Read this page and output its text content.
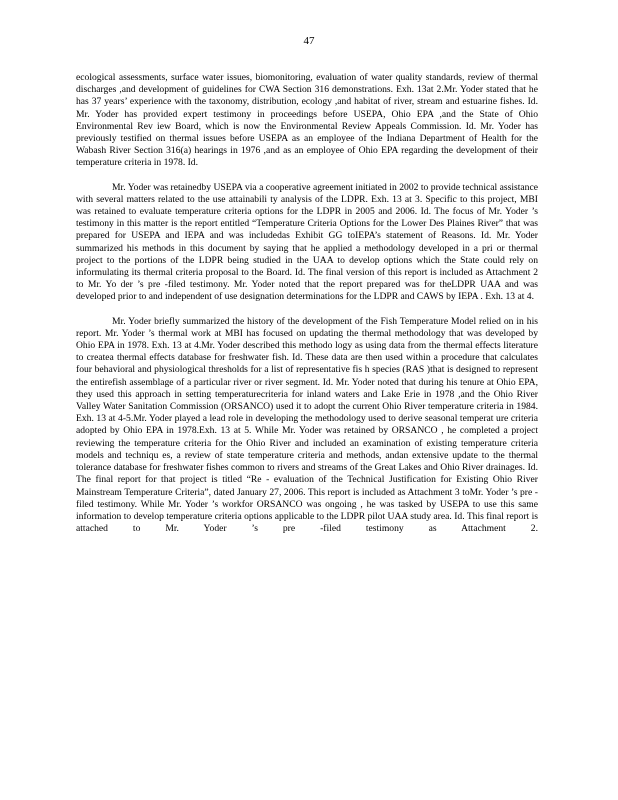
47

ecological assessments, surface water issues, biomonitoring, evaluation of water quality standards, review of thermal discharges ,and development of guidelines for CWA Section 316 demonstrations. Exh. 13at 2.Mr. Yoder stated that he has 37 years’ experience with the taxonomy, distribution, ecology ,and habitat of river, stream and estuarine fishes. Id. Mr. Yoder has provided expert testimony in proceedings before USEPA, Ohio EPA ,and the State of Ohio Environmental Rev iew Board, which is now the Environmental Review Appeals Commission. Id. Mr. Yoder has previously testified on thermal issues before USEPA as an employee of the Indiana Department of Health for the Wabash River Section 316(a) hearings in 1976 ,and as an employee of Ohio EPA regarding the development of their temperature criteria in 1978. Id.

Mr. Yoder was retainedby USEPA via a cooperative agreement initiated in 2002 to provide technical assistance with several matters related to the use attainabili ty analysis of the LDPR. Exh. 13 at 3. Specific to this project, MBI was retained to evaluate temperature criteria options for the LDPR in 2005 and 2006. Id. The focus of Mr. Yoder ’s testimony in this matter is the report entitled “Temperature Criteria Options for the Lower Des Plaines River” that was prepared for USEPA and IEPA and was includedas Exhibit GG toIEPA’s statement of Reasons. Id. Mr. Yoder summarized his methods in this document by saying that he applied a methodology developed in a pri or thermal project to the portions of the LDPR being studied in the UAA to develop options which the State could rely on informulating its thermal criteria proposal to the Board. Id. The final version of this report is included as Attachment 2 to Mr. Yo der ’s pre -filed testimony. Mr. Yoder noted that the report prepared was for theLDPR UAA and was developed prior to and independent of use designation determinations for the LDPR and CAWS by IEPA . Exh. 13 at 4.

Mr. Yoder briefly summarized the history of the development of the Fish Temperature Model relied on in his report. Mr. Yoder ’s thermal work at MBI has focused on updating the thermal methodology that was developed by Ohio EPA in 1978. Exh. 13 at 4.Mr. Yoder described this methodo logy as using data from the thermal effects literature to createa thermal effects database for freshwater fish. Id. These data are then used within a procedure that calculates four behavioral and physiological thresholds for a list of representative fis h species (RAS )that is designed to represent the entirefish assemblage of a particular river or river segment. Id. Mr. Yoder noted that during his tenure at Ohio EPA, they used this approach in setting temperaturecriteria for inland waters and Lake Erie in 1978 ,and the Ohio River Valley Water Sanitation Commission (ORSANCO) used it to adopt the current Ohio River temperature criteria in 1984. Exh. 13 at 4-5.Mr. Yoder played a lead role in developing the methodology used to derive seasonal temperat ure criteria adopted by Ohio EPA in 1978.Exh. 13 at 5. While Mr. Yoder was retained by ORSANCO , he completed a project reviewing the temperature criteria for the Ohio River and included an examination of existing temperature criteria models and techniqu es, a review of state temperature criteria and methods, andan extensive update to the thermal tolerance database for freshwater fishes common to rivers and streams of the Great Lakes and Ohio River drainages. Id. The final report for that project is titled “Re - evaluation of the Technical Justification for Existing Ohio River Mainstream Temperature Criteria”, dated January 27, 2006. This report is included as Attachment 3 toMr. Yoder ’s pre -filed testimony. While Mr. Yoder ’s workfor ORSANCO was ongoing , he was tasked by USEPA to use this same information to develop temperature criteria options applicable to the LDPR pilot UAA study area. Id. This final report is attached to Mr. Yoder ’s pre -filed testimony as Attachment 2.
